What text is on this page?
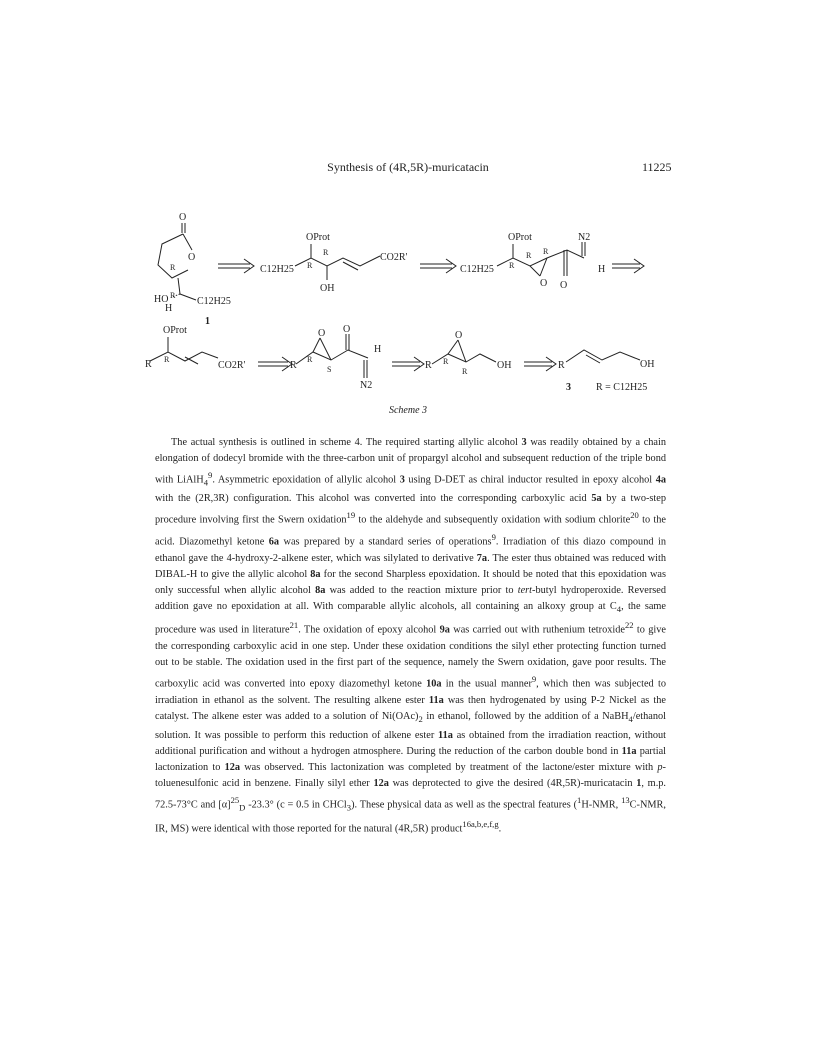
Synthesis of (4R,5R)-muricatacin	11225
O
O
R
HO R
H
C12H25
1
OProt
R
R
OH
C12H25
CO2R'
OProt
O
R
R R
O
N2
H
C12H25
OProt
R R
CO2R'
O
R
R
S
O
N2
H
O
R R
R
OH	R	OH
3	R = C12H25
Scheme 3

The actual synthesis is outlined in scheme 4. The required starting allylic alcohol 3 was readily obtained by a chain elongation of dodecyl bromide with the three-carbon unit of propargyl alcohol and subsequent reduction of the triple bond with LiAlH$_4^9$. Asymmetric epoxidation of allylic alcohol 3 using D-DET as chiral inductor resulted in epoxy alcohol 4a with the (2R,3R) configuration. This alcohol was converted into the corresponding carboxylic acid 5a by a two-step procedure involving first the Swern oxidation$^{19}$ to the aldehyde and subsequently oxidation with sodium chlorite$^{20}$ to the acid. Diazomethyl ketone 6a was prepared by a standard series of operations$^9$. Irradiation of this diazo compound in ethanol gave the 4-hydroxy-2-alkene ester, which was silylated to derivative 7a. The ester thus obtained was reduced with DIBAL-H to give the allylic alcohol 8a for the second Sharpless epoxidation. It should be noted that this epoxidation was only successful when allylic alcohol 8a was added to the reaction mixture prior to tert-butyl hydroperoxide. Reversed addition gave no epoxidation at all. With comparable allylic alcohols, all containing an alkoxy group at $C_4$, the same procedure was used in literature$^{21}$. The oxidation of epoxy alcohol 9a was carried out with ruthenium tetroxide$^{22}$ to give the corresponding carboxylic acid in one step. Under these oxidation conditions the silyl ether protecting function turned out to be stable. The oxidation used in the first part of the sequence, namely the Swern oxidation, gave poor results. The carboxylic acid was converted into epoxy diazomethyl ketone 10a in the usual manner$^9$, which then was subjected to irradiation in ethanol as the solvent. The resulting alkene ester 11a was then hydrogenated by using P-2 Nickel as the catalyst. The alkene ester was added to a solution of $Ni(OAc)_2$ in ethanol, followed by the addition of a NaBH$_4$/ethanol solution. It was possible to perform this reduction of alkene ester 11a as obtained from the irradiation reaction, without additional purification and without a hydrogen atmosphere. During the reduction of the carbon double bond in 11a partial lactonization to 12a was observed. This lactonization was completed by treatment of the lactone/ester mixture with p-toluenesulfonic acid in benzene. Finally silyl ether 12a was deprotected to give the desired (4R,5R)-muricatacin 1, m.p. 72.5-73°C and $[\alpha]^{25}_D$ -23.3° (c = 0.5 in CHCl$_3$). These physical data as well as the spectral features ($^1$H-NMR, $^{13}$C-NMR, IR, MS) were identical with those reported for the natural (4R,5R) product$^{16a,b,e,f,g}$.
